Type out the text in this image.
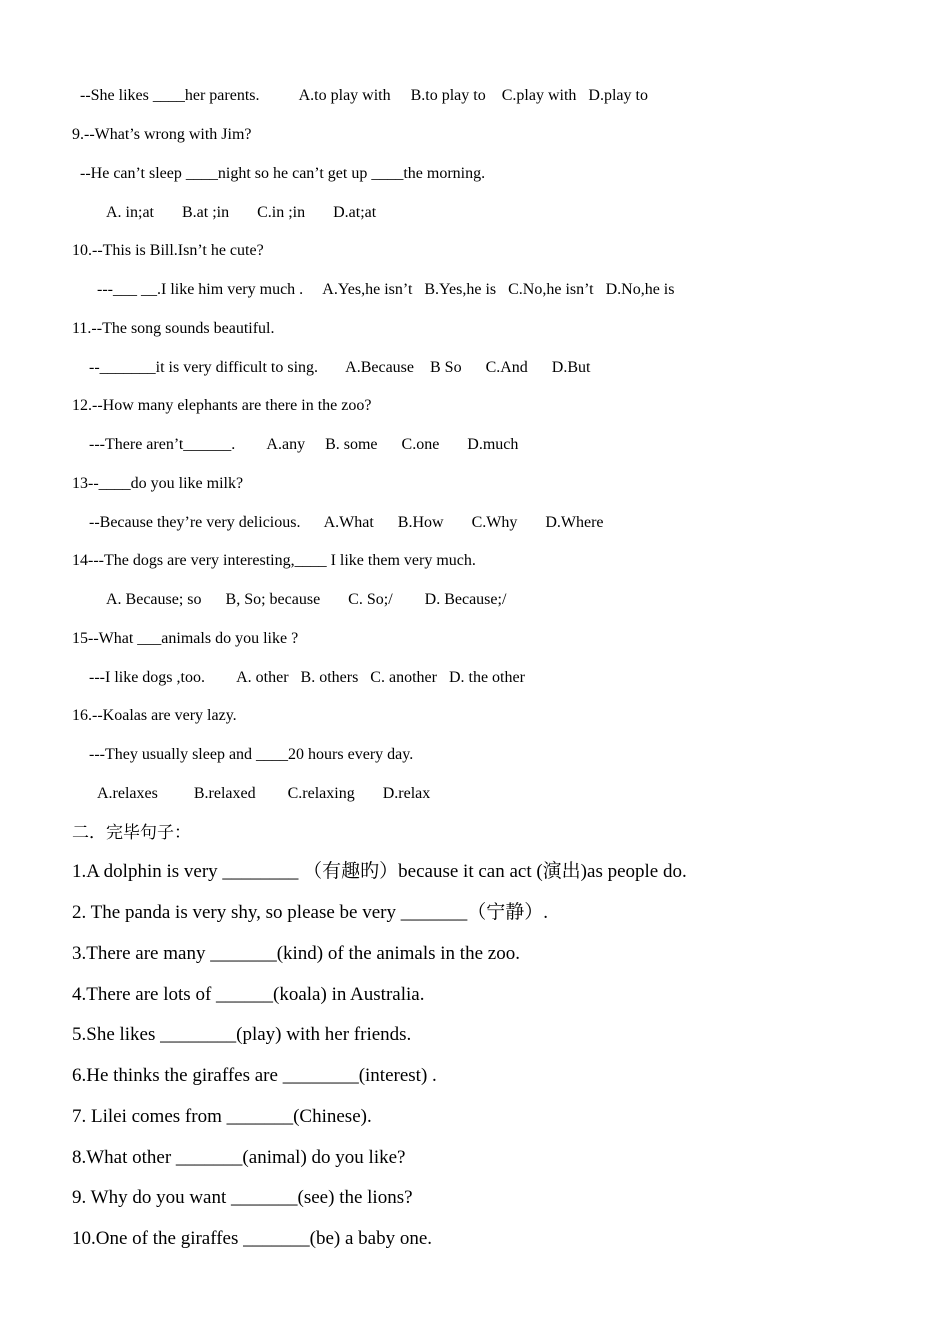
--She likes ____her parents.          A.to play with     B.to play to    C.play with   D.play to
9.--What’s wrong with Jim?
--He can’t sleep ____night so he can’t get up ____the morning.
A. in;at       B.at ;in       C.in ;in       D.at;at
10.--This is Bill.Isn’t he cute?
---___ __.I like him very much .     A.Yes,he isn’t   B.Yes,he is   C.No,he isn’t   D.No,he is
11.--The song sounds beautiful.
--_______it is very difficult to sing.       A.Because    B So      C.And      D.But
12.--How many elephants are there in the zoo?
---There aren’t______.        A.any     B. some      C.one       D.much
13--____do you like milk?
--Because they’re very delicious.      A.What      B.How       C.Why       D.Where
14---The dogs are very interesting,____ I like them very much.
A. Because; so      B, So; because       C. So;/        D. Because;/
15--What ___animals do you like ?
---I like dogs ,too.        A. other   B. others   C. another   D. the other
16.--Koalas are very lazy.
---They usually sleep and ____20 hours every day.
A.relaxes         B.relaxed        C.relaxing       D.relax
二．完毕句子：
1.A dolphin is very ________ （有趣旳）because it can act (演出)as people do.
2. The panda is very shy, so please be very _______（宁静）.
3.There are many _______(kind) of the animals in the zoo.
4.There are lots of ______(koala) in Australia.
5.She likes ________(play) with her friends.
6.He thinks the giraffes are ________(interest) .
7. Lilei comes from _______(Chinese).
8.What other _______(animal) do you like?
9. Why do you want _______(see) the lions?
10.One of the giraffes _______(be) a baby one.
